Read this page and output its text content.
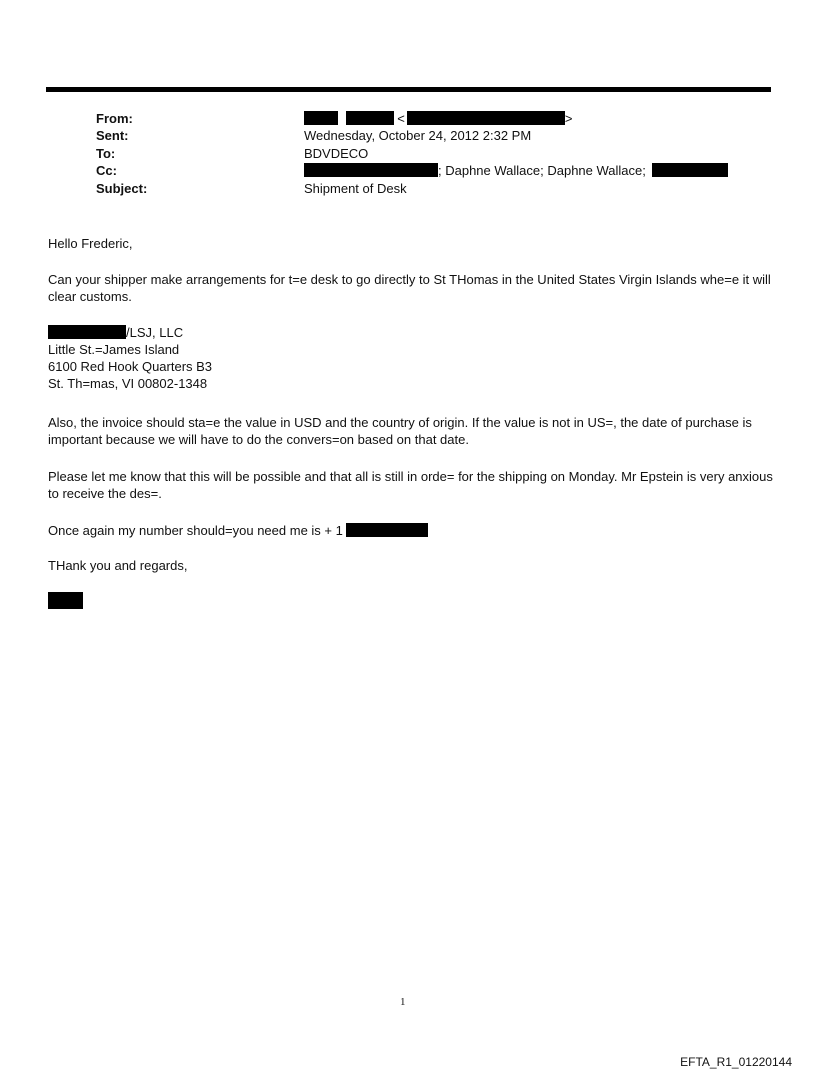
From:	<	>
Sent:	Wednesday, October 24, 2012 2:32 PM
To:	BDVDECO
Cc:	; Daphne Wallace; Daphne Wallace;
Subject:	Shipment of Desk

Hello Frederic,

Can your shipper make arrangements for t=e desk to go directly to St THomas in the United States Virgin Islands whe=e it will clear customs.

/LSJ, LLC

Little St.=James Island

6100 Red Hook Quarters B3

St. Th=mas, VI 00802-1348

Also, the invoice should sta=e the value in USD and the country of origin. If the value is not in US=, the date of purchase is important because we will have to do the convers=on based on that date.

Please let me know that this will be possible and that all is still in orde= for the shipping on Monday. Mr Epstein is very anxious to receive the des=.

Once again my number should=you need me is + 1

THank you and regards,

1
EFTA_R1_01220144
